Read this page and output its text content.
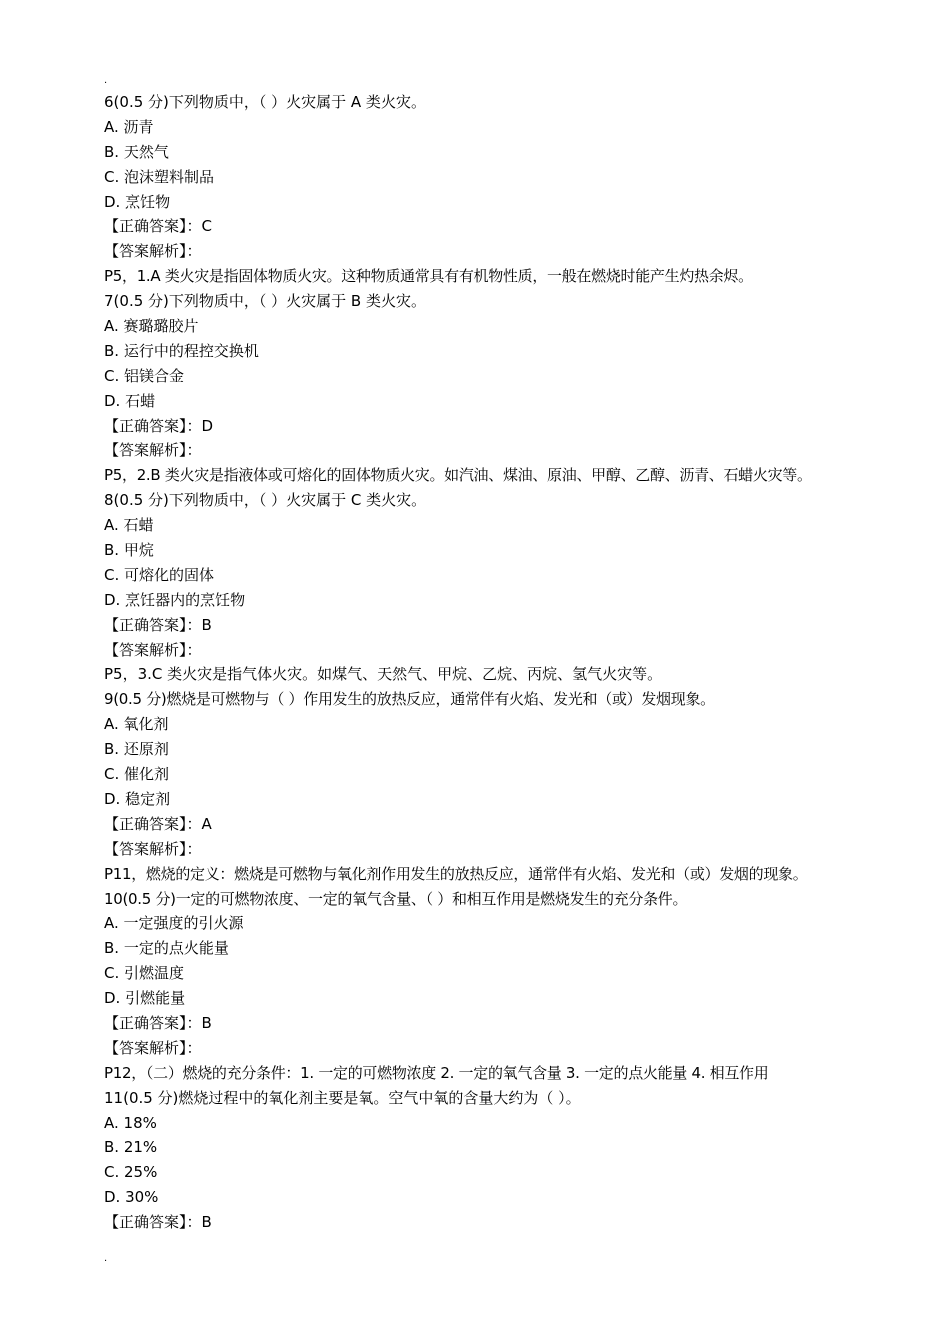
.
6(0.5 分)下列物质中，（ ）火灾属于 A 类火灾。
A. 沥青
B. 天然气
C. 泡沫塑料制品
D. 烹饪物
【正确答案】：C
【答案解析】：
P5，1.A 类火灾是指固体物质火灾。这种物质通常具有有机物性质，一般在燃烧时能产生灼热余烬。
7(0.5 分)下列物质中，（ ）火灾属于 B 类火灾。
A. 赛璐璐胶片
B. 运行中的程控交换机
C. 铝镁合金
D. 石蜡
【正确答案】：D
【答案解析】：
P5，2.B 类火灾是指液体或可熔化的固体物质火灾。如汽油、煤油、原油、甲醇、乙醇、沥青、石蜡火灾等。
8(0.5 分)下列物质中，（ ）火灾属于 C 类火灾。
A. 石蜡
B. 甲烷
C. 可熔化的固体
D. 烹饪器内的烹饪物
【正确答案】：B
【答案解析】：
P5，3.C 类火灾是指气体火灾。如煤气、天然气、甲烷、乙烷、丙烷、氢气火灾等。
9(0.5 分)燃烧是可燃物与（ ）作用发生的放热反应，通常伴有火焰、发光和（或）发烟现象。
A. 氧化剂
B. 还原剂
C. 催化剂
D. 稳定剂
【正确答案】：A
【答案解析】：
P11，燃烧的定义：燃烧是可燃物与氧化剂作用发生的放热反应，通常伴有火焰、发光和（或）发烟的现象。
10(0.5 分)一定的可燃物浓度、一定的氧气含量、（ ）和相互作用是燃烧发生的充分条件。
A. 一定强度的引火源
B. 一定的点火能量
C. 引燃温度
D. 引燃能量
【正确答案】：B
【答案解析】：
P12，（二）燃烧的充分条件：1. 一定的可燃物浓度 2. 一定的氧气含量 3. 一定的点火能量 4. 相互作用
11(0.5 分)燃烧过程中的氧化剂主要是氧。空气中氧的含量大约为（ ）。
A. 18%
B. 21%
C. 25%
D. 30%
【正确答案】：B
.
